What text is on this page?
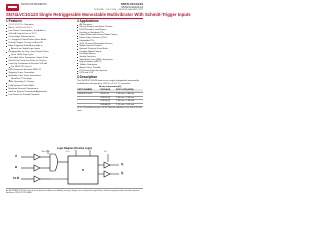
TEXAS INSTRUMENTS	SN74LVC1G123
SN74LVC1G123-Q1
SCES586I – JULY 2004 – REVISED JANUARY 2016
SN74LVC1G123 Single Retriggerable Monostable Multivibrator With Schmitt-Trigger Inputs
1 Features
2.4 V, 3.3 V, Vₒₒ Operation
Max tₚₑ of 10 ns at 3.3 V
Low Power Consumption, 10-µA Max Iₒₒ
±24-mA Output Drive at 3.3 V
Overvoltage Tolerant Inputs
Iₒₒₒ Supports Partial-Power-Down Mode
Schmitt-Trigger Circuitry on A̅ and B
Edge Triggered From Active-High or
Active-Low Gated Logic Inputs
Retriggerable for Very Long Output Pulses
Up to 100% Duty Cycle
Overriding Clear Terminates Output Pulse
Glitch-Free Power-Up Reset on Outputs
Latch-Up Performance Exceeds 100 mA
Per JESD 78, Class II
ESD Protection Exceeds JESD 22
Supports Down Translation
Available in the Texas Instruments
NanoFree™ Package
Wide Operating Vₒₒ Range
Fully Dynamic Pulse Width
Minimum External Components
Ideal for Space-Constrained Applications
Low Power for Portable Systems
2 Applications
AV Receivers
Blu-ray Players and Home Theater
DVD Recorders and Players
Desktop or Notebook PCs
Digital Radio and Internet Radio Players
Digital Video Cameras (DVC)
Embedded PCs
GPS: Personal Navigation Devices
Mobile Internet Devices
Network Projector Front-Ends
Portable Media Players
Pro Audio Mixers
Smoke Detectors
Solid State Drive (SSD): Enterprise
High-Definition (HDTV)
Tablets: Enterprise
Audio Docks: Portable
DLP Front Projection System
DVR and DVS
3 Description
The SN74LVC1G123 devices are single retriggerable monostable multivibrators designed for 1.65-V to 5.5-V Vₒₒ operation.
Device Information(1)
PART NUMBER	PACKAGE	BODY SIZE (NOM)
SN74LVC1G123	SSOP (8)	2.95 mm × 2.80 mm
	VSSOP (8)	2.30 mm × 2.00 mm
	X2SON (8)	1.40 mm × 1.00 mm
	DSBGA (8)	1.91 mm × 0.91 mm
(1) For all available packages, see the orderable addendum at the end of the data sheet.
Logic Diagram (Positive Logic)
A̅
B
CLR̅
Q
Q̅
Rₑₓₜ/Cₑₓₜ	Cₑₓₜ	Vₒₒ
R
An IMPORTANT NOTICE at the end of this data sheet addresses availability, warranty, changes, use in safety-critical applications, intellectual property matters and other important disclaimers. PRODUCTION DATA.
